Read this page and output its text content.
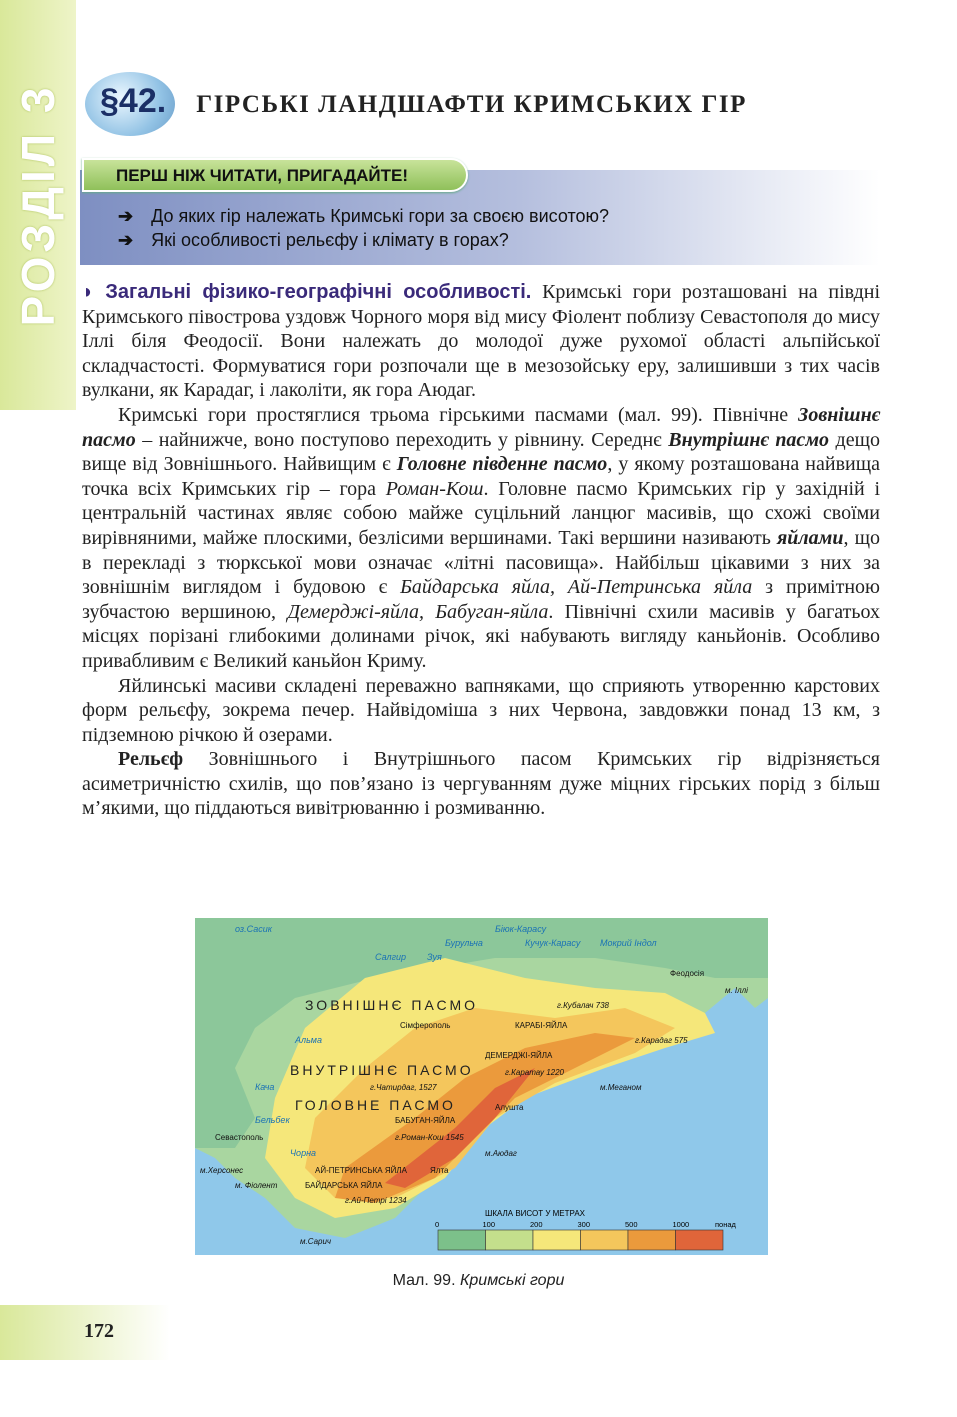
РОЗДІЛ 3 §42. ГІРСЬКІ ЛАНДШАФТИ КРИМСЬКИХ ГІР
ПЕРШ НІЖ ЧИТАТИ, ПРИГАДАЙТЕ!
➔ До яких гір належать Кримські гори за своєю висотою?
➔ Які особливості рельєфу і клімату в горах?

◗ Загальні фізико-географічні особливості. Кримські гори розташовані на півдні Кримського півострова уздовж Чорного моря від мису Фіолент поблизу Севастополя до мису Іллі біля Феодосії. Вони належать до молодої дуже рухомої області альпійської складчастості. Формуватися гори розпочали ще в мезозойську еру, залишивши з тих часів вулкани, як Карадаг, і лаколіти, як гора Аюдаг.

Кримські гори простяглися трьома гірськими пасмами (мал. 99). Північне Зовнішнє пасмо – найнижче, воно поступово переходить у рівнину. Середнє Внутрішнє пасмо дещо вище від Зовнішнього. Найвищим є Головне південне пасмо, у якому розташована найвища точка всіх Кримських гір – гора Роман-Кош. Головне пасмо Кримських гір у західній і центральній частинах являє собою майже суцільний ланцюг масивів, що схожі своїми вирівняними, майже плоскими, безлісими вершинами. Такі вершини називають яйлами, що в перекладі з тюркської мови означає «літні пасовища». Найбільш цікавими з них за зовнішнім виглядом і будовою є Байдарська яйла, Ай-Петринська яйла з примітною зубчастою вершиною, Демерджі-яйла, Бабуган-яйла. Північні схили масивів у багатьох місцях порізані глибокими долинами річок, які набувають вигляду каньйонів. Особливо привабливим є Великий каньйон Криму.

Яйлинські масиви складені переважно вапняками, що сприяють утворенню карстових форм рельєфу, зокрема печер. Найвідоміша з них Червона, завдовжки понад 13 км, з підземною річкою й озерами.

Рельєф Зовнішнього і Внутрішнього пасом Кримських гір відрізняється асиметричністю схилів, що пов’язано із чергуванням дуже міцних гірських порід з більш м’якими, що піддаються вивітрюванню і розмиванню.

Салгир Зуя
Бурульча
Біюк-Карасу
Кучук-Карасу Мокрий Індол
Альма
Кача
Бельбек
Чорна
оз.Сасик
Сімферополь
Феодосія
м. Іллі
г.Кубалач 738
г.Карадаг 575
г.Каратау 1220
м.Меганом
г.Чатирдаг, 1527
Алушта
Севастополь
м.Херсонес
м. Фіолент
м.Сарич
г.Роман-Кош 1545
м.Аюдаг
Ялта
г.Ай-Петрі 1234
БАЙДАРСЬКА ЯЙЛА
АЙ-ПЕТРИНСЬКА ЯЙЛА
КАРАБІ-ЯЙЛА
ДЕМЕРДЖІ-ЯЙЛА
БАБУГАН-ЯЙЛА
ЗОВНІШНЄ ПАСМО
ВНУТРІШНЄ ПАСМО
ГОЛОВНЕ ПАСМО
ШКАЛА ВИСОТ У МЕТРАХ
0	100	200	300	500	1000	понад
Мал. 99. Кримські гори
172
